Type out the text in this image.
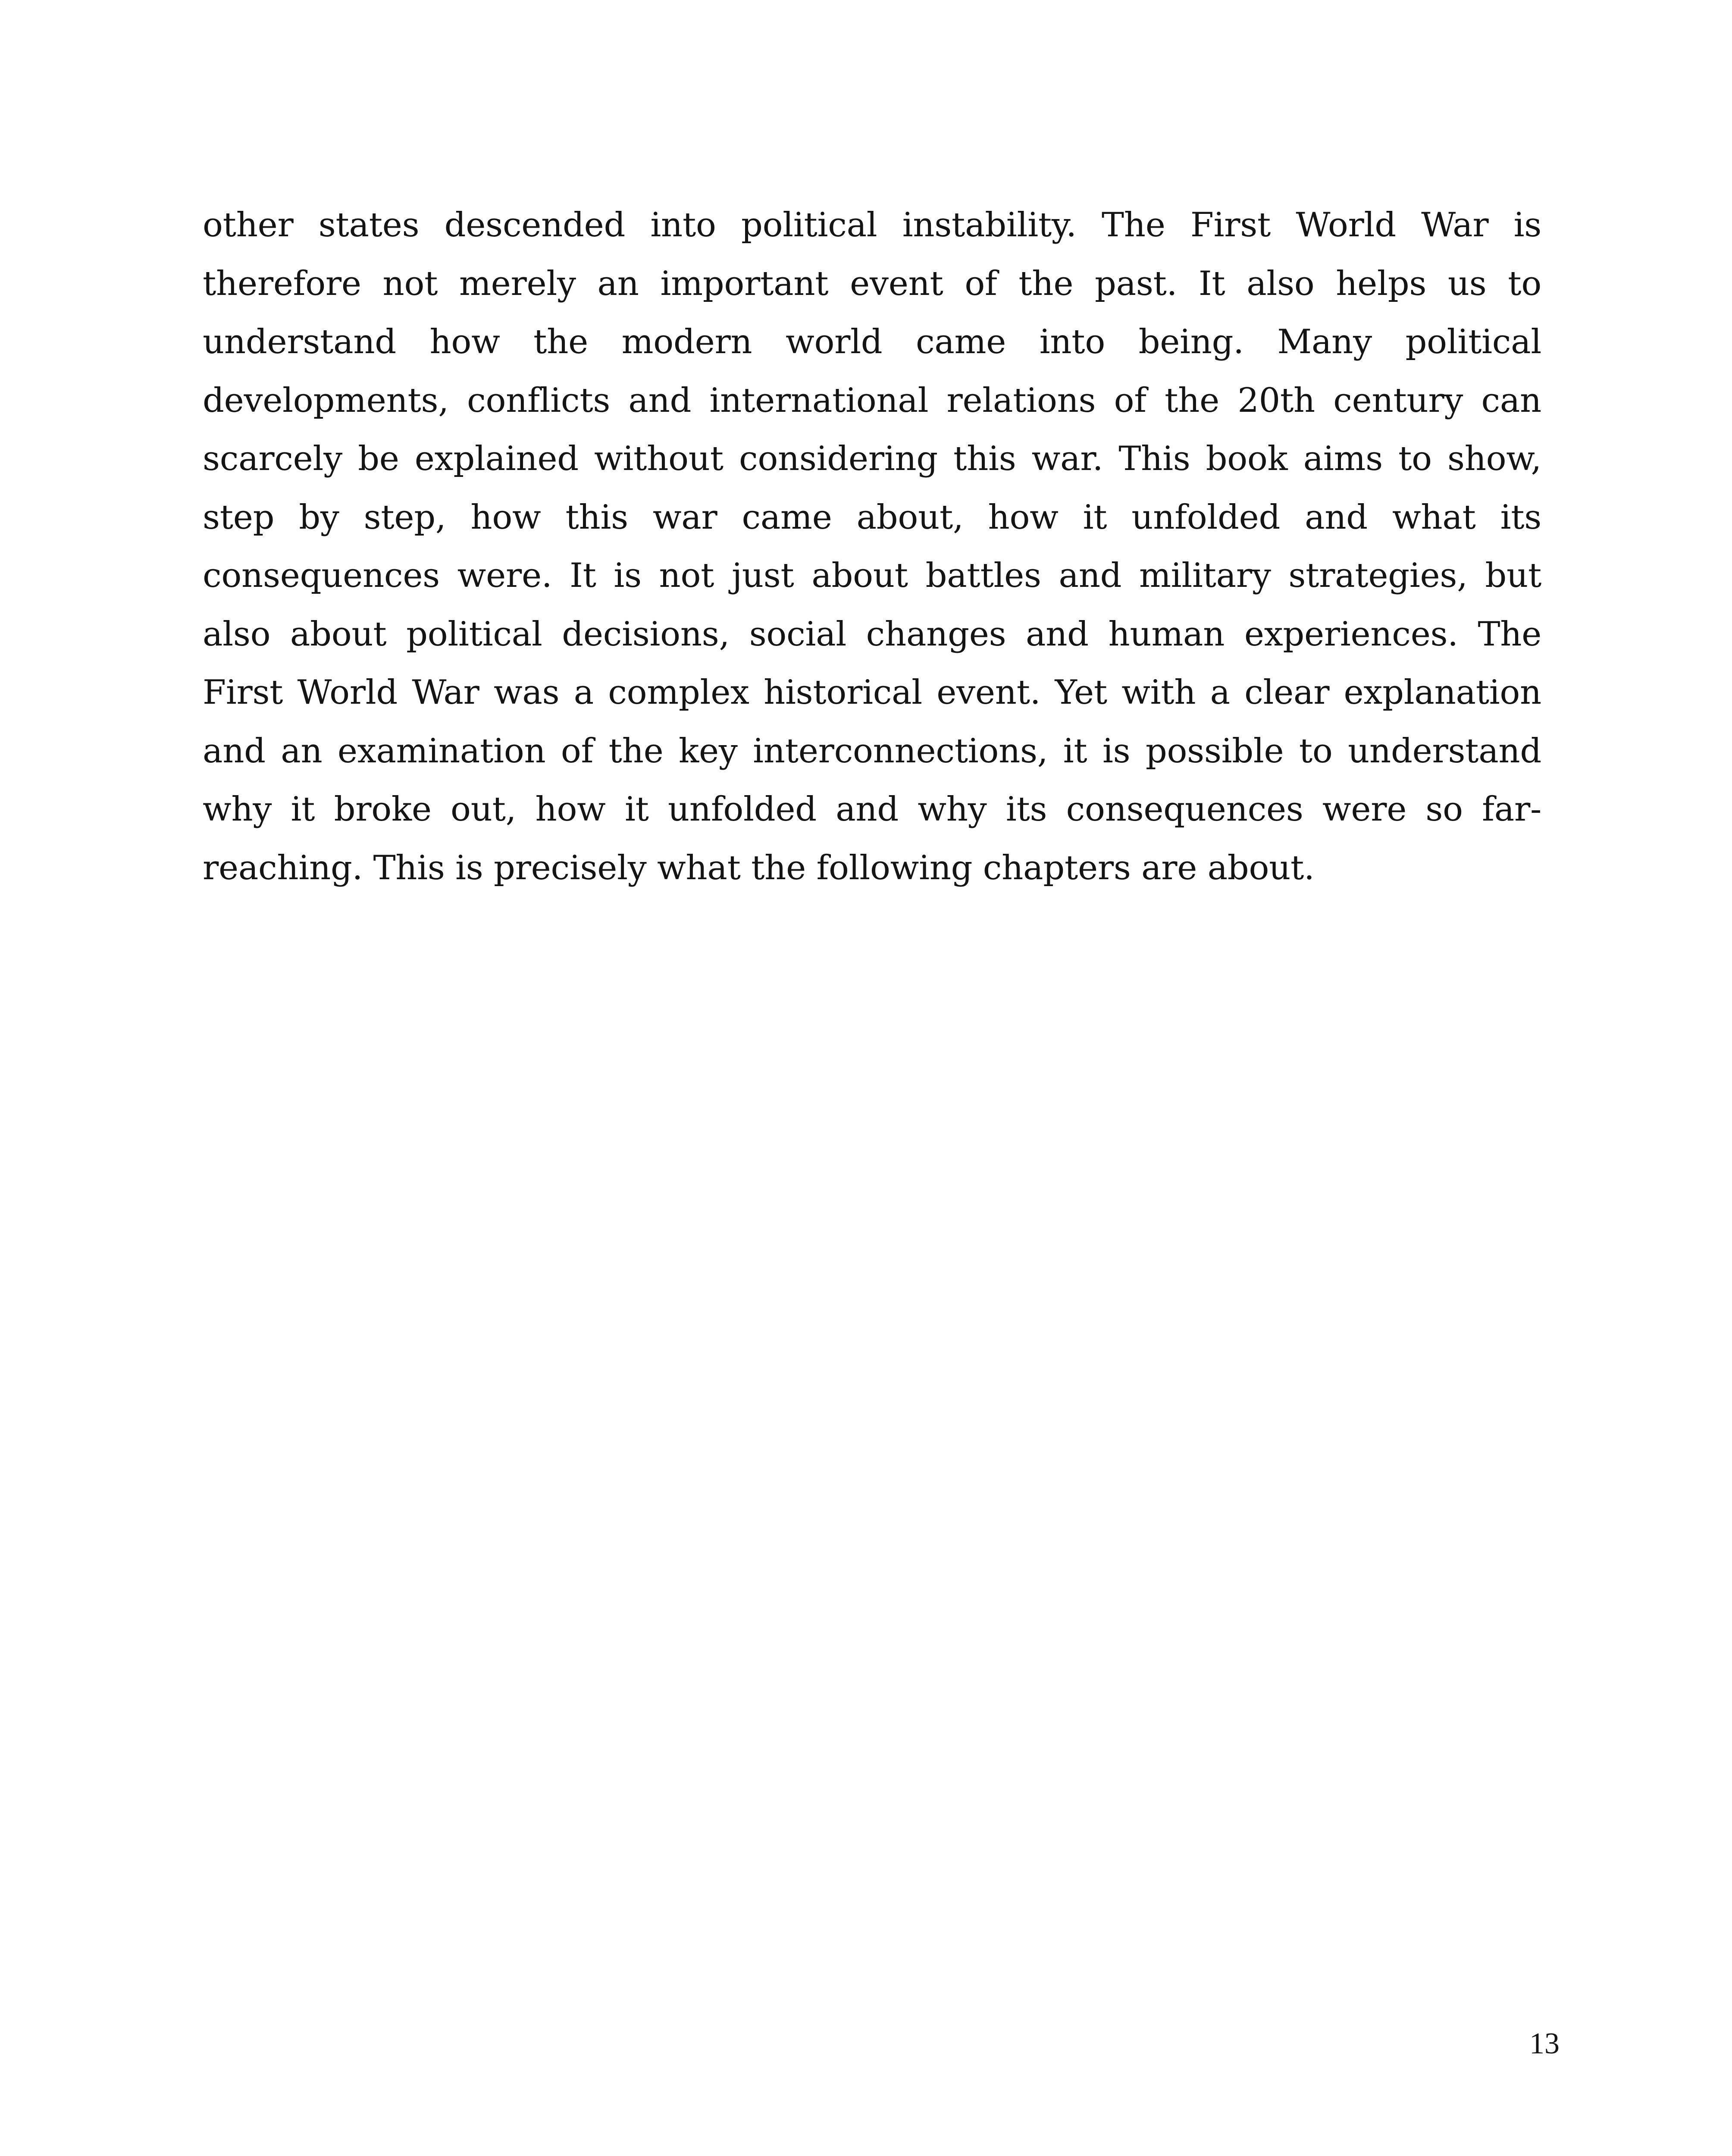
other states descended into political instability. The First World War is therefore not merely an important event of the past. It also helps us to understand how the modern world came into being. Many political developments, conflicts and international relations of the 20th century can scarcely be explained without considering this war. This book aims to show, step by step, how this war came about, how it unfolded and what its consequences were. It is not just about battles and military strategies, but also about political decisions, social changes and human experiences. The First World War was a complex historical event. Yet with a clear explanation and an examination of the key interconnections, it is possible to understand why it broke out, how it unfolded and why its consequences were so far-reaching. This is precisely what the following chapters are about.

13
